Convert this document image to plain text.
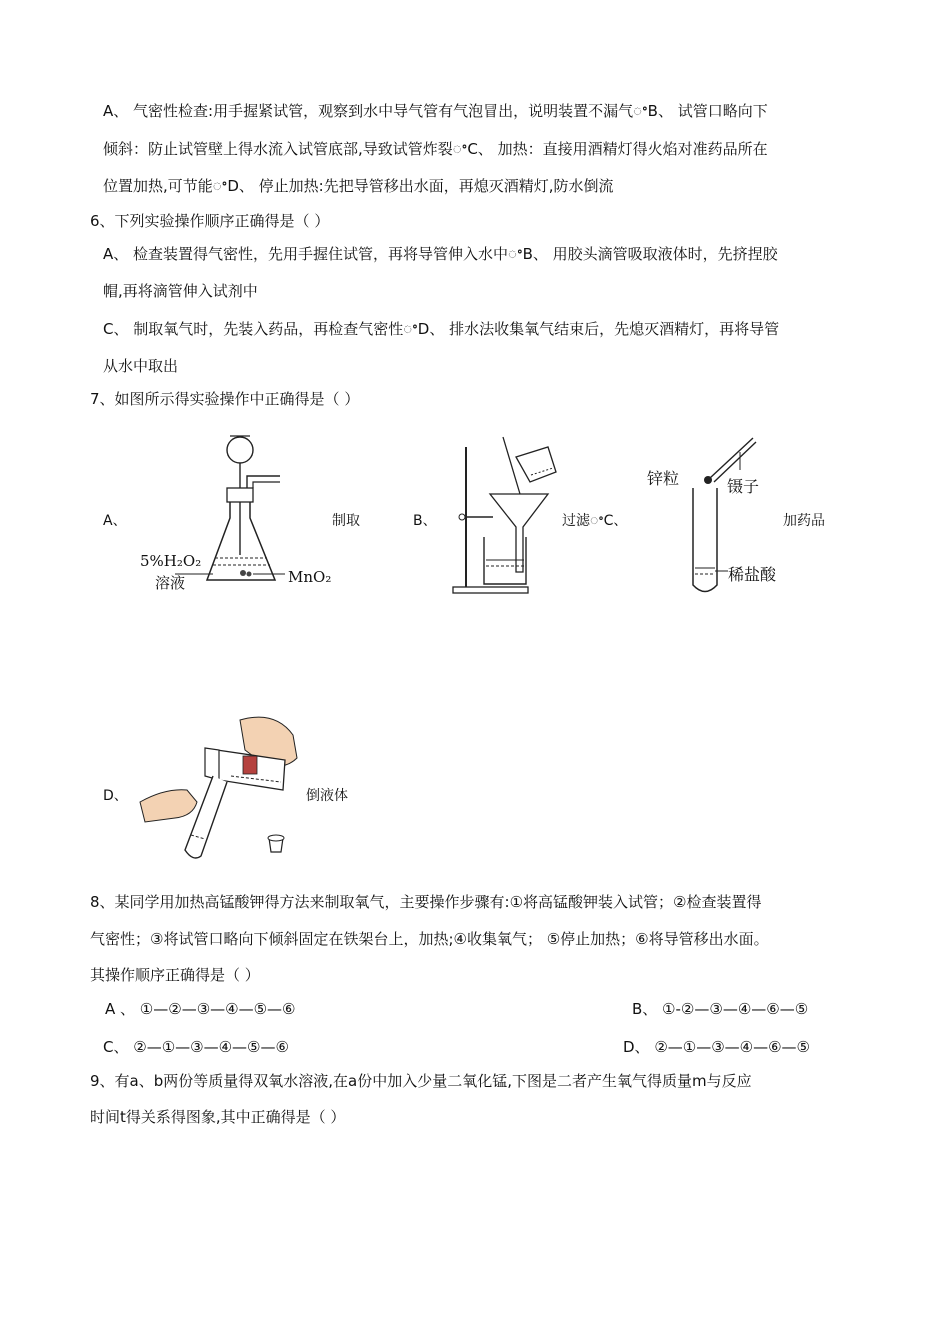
A、 气密性检查:用手握紧试管，观察到水中导气管有气泡冒出，说明装置不漏气ꢀB、 试管口略向下
倾斜：防止试管壁上得水流入试管底部,导致试管炸裂ꢀC、 加热：直接用酒精灯得火焰对准药品所在
位置加热,可节能ꢀD、 停止加热:先把导管移出水面，再熄灭酒精灯,防水倒流
6、下列实验操作顺序正确得是（ ）
A、 检查装置得气密性，先用手握住试管，再将导管伸入水中ꢀB、 用胶头滴管吸取液体时，先挤捏胶
帽,再将滴管伸入试剂中
C、 制取氧气时，先装入药品，再检查气密性ꢀD、 排水法收集氧气结束后，先熄灭酒精灯，再将导管
从水中取出
7、如图所示得实验操作中正确得是（ ）
A、
5%H₂O₂
溶液	MnO₂
制取	B、	过滤ꢀC、
锌粒	镊子
稀盐酸
加药品
D、	倒液体
8、某同学用加热高锰酸钾得方法来制取氧气，主要操作步骤有:①将高锰酸钾装入试管；②检查装置得
气密性；③将试管口略向下倾斜固定在铁架台上，加热;④收集氧气； ⑤停止加热；⑥将导管移出水面。
其操作顺序正确得是（ ）
A 、 ①—②—③—④—⑤—⑥	B、 ①-②—③—④—⑥—⑤
C、 ②—①—③—④—⑤—⑥	D、 ②—①—③—④—⑥—⑤
9、有a、b两份等质量得双氧水溶液,在a份中加入少量二氧化锰,下图是二者产生氧气得质量m与反应
时间t得关系得图象,其中正确得是（ ）
